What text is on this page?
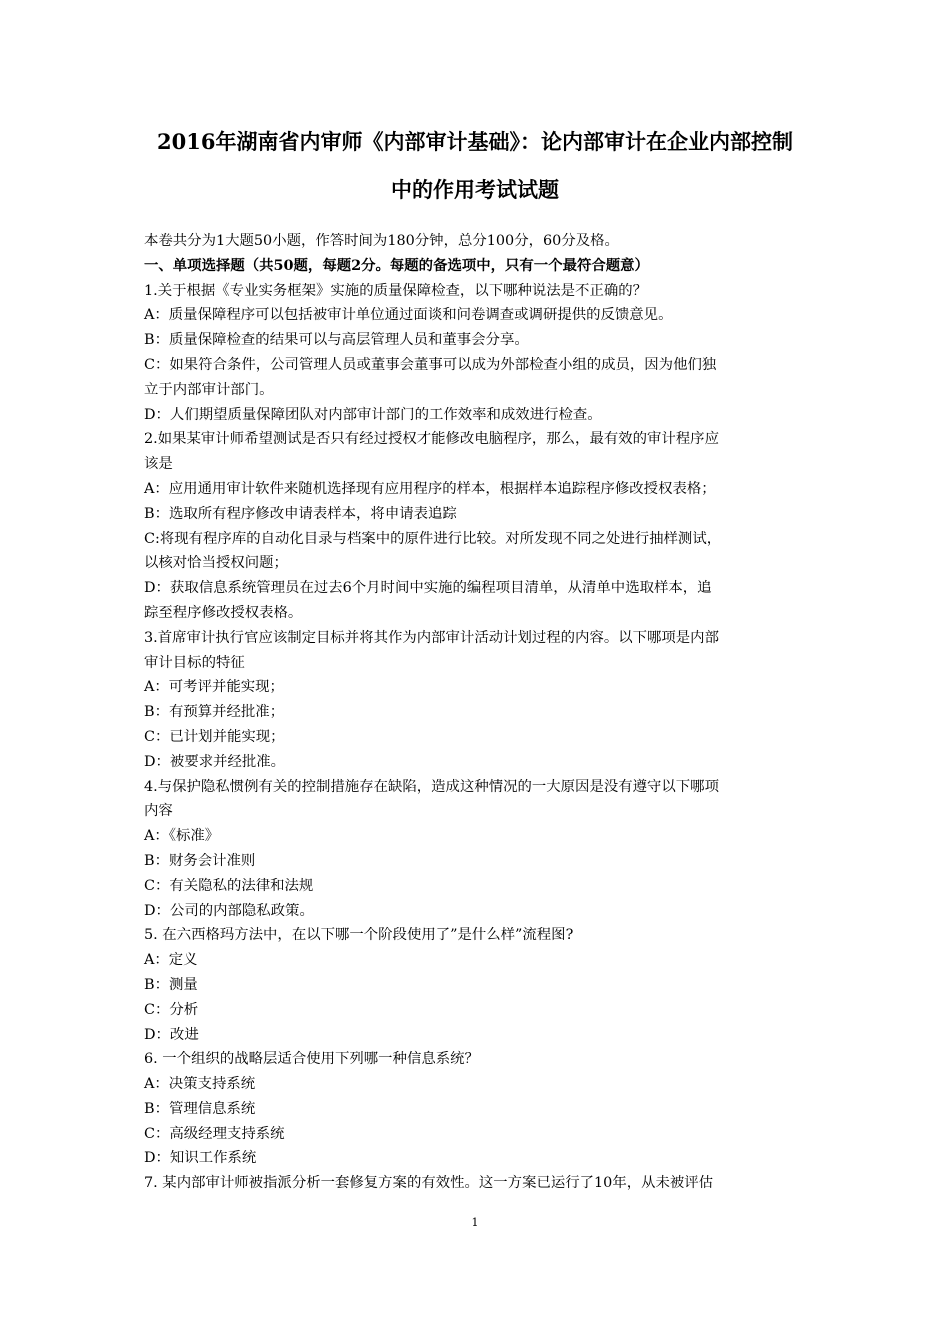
2016年湖南省内审师《内部审计基础》：论内部审计在企业内部控制
中的作用考试试题
本卷共分为1大题50小题，作答时间为180分钟，总分100分，60分及格。
一、单项选择题（共50题，每题2分。每题的备选项中，只有一个最符合题意）
1.关于根据《专业实务框架》实施的质量保障检查，以下哪种说法是不正确的？
A：质量保障程序可以包括被审计单位通过面谈和问卷调查或调研提供的反馈意见。
B：质量保障检查的结果可以与高层管理人员和董事会分享。
C：如果符合条件，公司管理人员或董事会董事可以成为外部检查小组的成员，因为他们独
立于内部审计部门。
D：人们期望质量保障团队对内部审计部门的工作效率和成效进行检查。
2.如果某审计师希望测试是否只有经过授权才能修改电脑程序，那么，最有效的审计程序应
该是
A：应用通用审计软件来随机选择现有应用程序的样本，根据样本追踪程序修改授权表格；
B：选取所有程序修改申请表样本，将申请表追踪
C:将现有程序库的自动化目录与档案中的原件进行比较。对所发现不同之处进行抽样测试，
以核对恰当授权问题；
D：获取信息系统管理员在过去6个月时间中实施的编程项目清单，从清单中选取样本，追
踪至程序修改授权表格。
3.首席审计执行官应该制定目标并将其作为内部审计活动计划过程的内容。以下哪项是内部
审计目标的特征
A：可考评并能实现；
B：有预算并经批准；
C：已计划并能实现；
D：被要求并经批准。
4.与保护隐私惯例有关的控制措施存在缺陷，造成这种情况的一大原因是没有遵守以下哪项
内容
A：《标准》
B：财务会计准则
C：有关隐私的法律和法规
D：公司的内部隐私政策。
5. 在六西格玛方法中，在以下哪一个阶段使用了”是什么样”流程图?
A：定义
B：测量
C：分析
D：改进
6. 一个组织的战略层适合使用下列哪一种信息系统？
A：决策支持系统
B：管理信息系统
C：高级经理支持系统
D：知识工作系统
7. 某内部审计师被指派分析一套修复方案的有效性。这一方案已运行了10年，从未被评估
1
